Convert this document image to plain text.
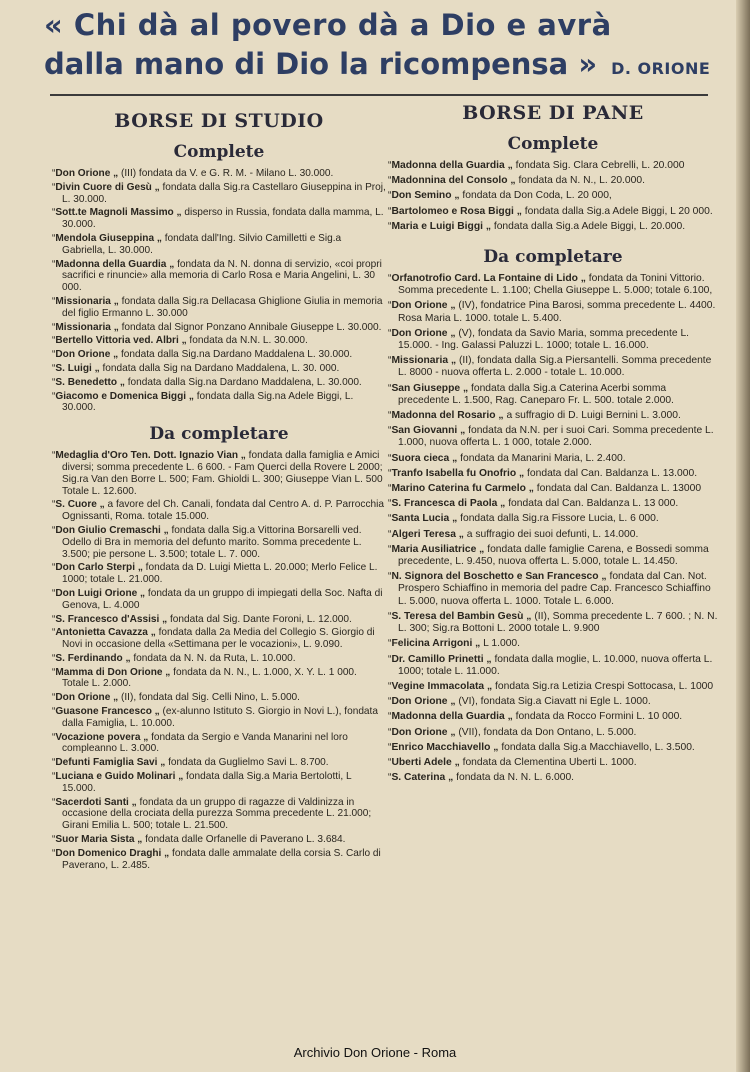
« Chi dà al povero dà a Dio e avrà
dalla mano di Dio la ricompensa » D. ORIONE
BORSE DI STUDIO
Complete
“Don Orione „ (III) fondata da V. e G. R. M. - Milano L. 30.000.
“Divin Cuore di Gesù „ fondata dalla Sig.ra Castellaro Giuseppina in Proj, L. 30.000.
“Sott.te Magnoli Massimo „ disperso in Russia, fondata dalla mamma, L. 30.000.
“Mendola Giuseppina „ fondata dall'Ing. Silvio Camilletti e Sig.a Gabriella, L. 30.000.
“Madonna della Guardia „ fondata da N. N. donna di servizio, «coi propri sacrifici e rinuncie» alla memoria di Carlo Rosa e Maria Angelini, L. 30 000.
“Missionaria „ fondata dalla Sig.ra Dellacasa Ghiglione Giulia in memoria del figlio Ermanno L. 30.000
“Missionaria „ fondata dal Signor Ponzano Annibale Giuseppe L. 30.000.
“Bertello Vittoria ved. Albri „ fondata da N.N. L. 30.000.
“Don Orione „ fondata dalla Sig.na Dardano Maddalena L. 30.000.
“S. Luigi „ fondata dalla Sig na Dardano Maddalena, L. 30. 000.
“S. Benedetto „ fondata dalla Sig.na Dardano Maddalena, L. 30.000.
“Giacomo e Domenica Biggi „ fondata dalla Sig.na Adele Biggi, L. 30.000.
Da completare
“Medaglia d'Oro Ten. Dott. Ignazio Vian „ fondata dalla famiglia e Amici diversi; somma precedente L. 6 600. - Fam Querci della Rovere L 2000; Sig.ra Van den Borre L. 500; Fam. Ghioldi L. 300; Giuseppe Vian L. 500 Totale L. 12.600.
“S. Cuore „ a favore del Ch. Canali, fondata dal Centro A. d. P. Parrocchia Ognissanti, Roma. totale 15.000.
“Don Giulio Cremaschi „ fondata dalla Sig.a Vittorina Borsarelli ved. Odello di Bra in memoria del defunto marito. Somma precedente L. 3.500; pie persone L. 3.500; totale L. 7. 000.
“Don Carlo Sterpi „ fondata da D. Luigi Mietta L. 20.000; Merlo Felice L. 1000; totale L. 21.000.
“Don Luigi Orione „ fondata da un gruppo di impiegati della Soc. Nafta di Genova, L. 4.000
“S. Francesco d'Assisi „ fondata dal Sig. Dante Foroni, L. 12.000.
“Antonietta Cavazza „ fondata dalla 2a Media del Collegio S. Giorgio di Novi in occasione della «Settimana per le vocazioni», L. 9.090.
“S. Ferdinando „ fondata da N. N. da Ruta, L. 10.000.
“Mamma di Don Orione „ fondata da N. N., L. 1.000, X. Y. L. 1 000. Totale L. 2.000.
“Don Orione „ (II), fondata dal Sig. Celli Nino, L. 5.000.
“Guasone Francesco „ (ex-alunno Istituto S. Giorgio in Novi L.), fondata dalla Famiglia, L. 10.000.
“Vocazione povera „ fondata da Sergio e Vanda Manarini nel loro compleanno L. 3.000.
“Defunti Famiglia Savi „ fondata da Guglielmo Savi L. 8.700.
“Luciana e Guido Molinari „ fondata dalla Sig.a Maria Bertolotti, L 15.000.
“Sacerdoti Santi „ fondata da un gruppo di ragazze di Valdinizza in occasione della crociata della purezza Somma precedente L. 21.000; Girani Emilia L. 500; totale L. 21.500.
“Suor Maria Sista „ fondata dalle Orfanelle di Paverano L. 3.684.
“Don Domenico Draghi „ fondata dalle ammalate della corsia S. Carlo di Paverano, L. 2.485.
BORSE DI PANE
Complete
“Madonna della Guardia „ fondata Sig. Clara Cebrelli, L. 20.000
“Madonnina del Consolo „ fondata da N. N., L. 20.000.
“Don Semino „ fondata da Don Coda, L. 20 000,
“Bartolomeo e Rosa Biggi „ fondata dalla Sig.a Adele Biggi, L 20 000.
“Maria e Luigi Biggi „ fondata dalla Sig.a Adele Biggi, L. 20.000.
Da completare
“Orfanotrofio Card. La Fontaine di Lido „ fondata da Tonini Vittorio. Somma precedente L. 1.100; Chella Giuseppe L. 5.000; totale 6.100,
“Don Orione „ (IV), fondatrice Pina Barosi, somma precedente L. 4400. Rosa Maria L. 1000. totale L. 5.400.
“Don Orione „ (V), fondata da Savio Maria, somma precedente L. 15.000. - Ing. Galassi Paluzzi L. 1000; totale L. 16.000.
“Missionaria „ (II), fondata dalla Sig.a Piersantelli. Somma precedente L. 8000 - nuova offerta L. 2.000 - totale L. 10.000.
“San Giuseppe „ fondata dalla Sig.a Caterina Acerbi somma precedente L. 1.500, Rag. Caneparo Fr. L. 500. totale 2.000.
“Madonna del Rosario „ a suffragio di D. Luigi Bernini L. 3.000.
“San Giovanni „ fondata da N.N. per i suoi Cari. Somma precedente L. 1.000, nuova offerta L. 1 000, totale 2.000.
“Suora cieca „ fondata da Manarini Maria, L. 2.400.
“Tranfo Isabella fu Onofrio „ fondata dal Can. Baldanza L. 13.000.
“Marino Caterina fu Carmelo „ fondata dal Can. Baldanza L. 13000
“S. Francesca di Paola „ fondata dal Can. Baldanza L. 13 000.
“Santa Lucia „ fondata dalla Sig.ra Fissore Lucia, L. 6 000.
“Algeri Teresa „ a suffragio dei suoi defunti, L. 14.000.
“Maria Ausiliatrice „ fondata dalle famiglie Carena, e Bossedi somma precedente, L. 9.450, nuova offerta L. 5.000, totale L. 14.450.
“N. Signora del Boschetto e San Francesco „ fondata dal Can. Not. Prospero Schiaffino in memoria del padre Cap. Francesco Schiaffino L. 5.000, nuova offerta L. 1000. Totale L. 6.000.
“S. Teresa del Bambin Gesù „ (II), Somma precedente L. 7 600. ; N. N. L. 300; Sig.ra Bottoni L. 2000 totale L. 9.900
“Felicina Arrigoni „ L 1.000.
“Dr. Camillo Prinetti „ fondata dalla moglie, L. 10.000, nuova offerta L. 1000; totale L. 11.000.
“Vegine Immacolata „ fondata Sig.ra Letizia Crespi Sottocasa, L. 1000
“Don Orione „ (VI), fondata Sig.a Ciavatt ni Egle L. 1000.
“Madonna della Guardia „ fondata da Rocco Formini L. 10 000.
“Don Orione „ (VII), fondata da Don Ontano, L. 5.000.
“Enrico Macchiavello „ fondata dalla Sig.a Macchiavello, L. 3.500.
“Uberti Adele „ fondata da Clementina Uberti L. 1000.
“S. Caterina „ fondata da N. N. L. 6.000.
Archivio Don Orione - Roma
